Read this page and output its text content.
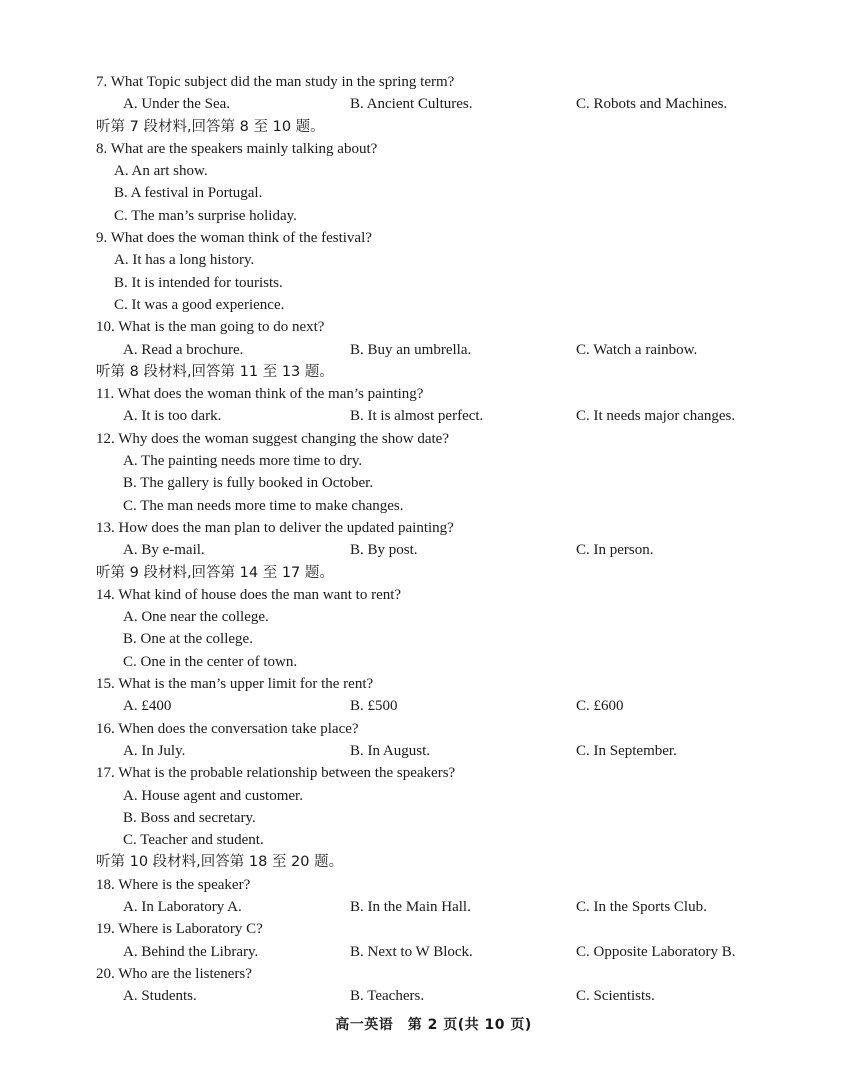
7. What Topic subject did the man study in the spring term?
A. Under the Sea.	B. Ancient Cultures.	C. Robots and Machines.
听第 7 段材料,回答第 8 至 10 题。
8. What are the speakers mainly talking about?
A. An art show.
B. A festival in Portugal.
C. The man’s surprise holiday.
9. What does the woman think of the festival?
A. It has a long history.
B. It is intended for tourists.
C. It was a good experience.
10. What is the man going to do next?
A. Read a brochure.	B. Buy an umbrella.	C. Watch a rainbow.
听第 8 段材料,回答第 11 至 13 题。
11. What does the woman think of the man’s painting?
A. It is too dark.	B. It is almost perfect.	C. It needs major changes.
12. Why does the woman suggest changing the show date?
A. The painting needs more time to dry.
B. The gallery is fully booked in October.
C. The man needs more time to make changes.
13. How does the man plan to deliver the updated painting?
A. By e-mail.	B. By post.	C. In person.
听第 9 段材料,回答第 14 至 17 题。
14. What kind of house does the man want to rent?
A. One near the college.
B. One at the college.
C. One in the center of town.
15. What is the man’s upper limit for the rent?
A. £400	B. £500	C. £600
16. When does the conversation take place?
A. In July.	B. In August.	C. In September.
17. What is the probable relationship between the speakers?
A. House agent and customer.
B. Boss and secretary.
C. Teacher and student.
听第 10 段材料,回答第 18 至 20 题。
18. Where is the speaker?
A. In Laboratory A.	B. In the Main Hall.	C. In the Sports Club.
19. Where is Laboratory C?
A. Behind the Library.	B. Next to W Block.	C. Opposite Laboratory B.
20. Who are the listeners?
A. Students.	B. Teachers.	C. Scientists.
高一英语　第 2 页(共 10 页)
